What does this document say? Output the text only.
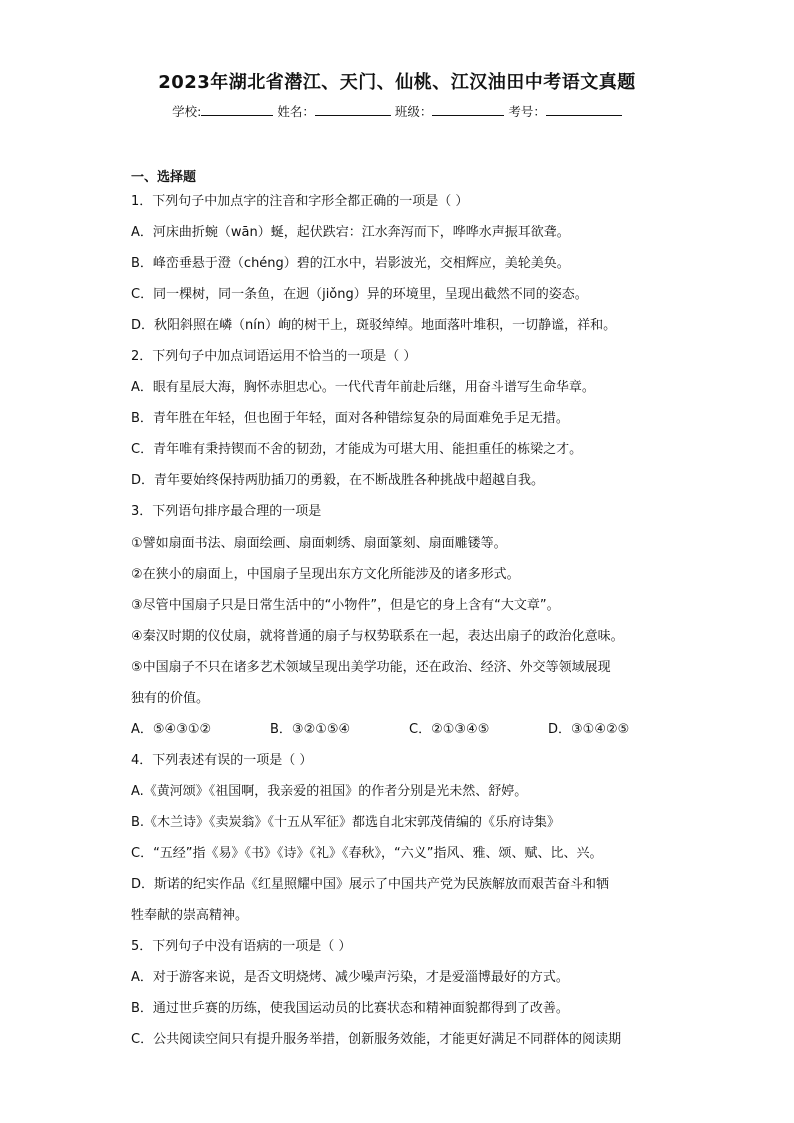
2023年湖北省潜江、天门、仙桃、江汉油田中考语文真题
学校:	姓名：	班级：	考号：
一、选择题
1．下列句子中加点字的注音和字形全都正确的一项是（ ）
A．河床曲折蜿（wān）蜒，起伏跌宕：江水奔泻而下，哗哗水声振耳欲聋。
B．峰峦垂悬于澄（chéng）碧的江水中，岩影波光，交相辉应，美轮美奂。
C．同一棵树，同一条鱼，在迥（jiǒng）异的环境里，呈现出截然不同的姿态。
D．秋阳斜照在嶙（nín）峋的树干上，斑驳绰绰。地面落叶堆积，一切静谧，祥和。
2．下列句子中加点词语运用不恰当的一项是（ ）
A．眼有星辰大海，胸怀赤胆忠心。一代代青年前赴后继，用奋斗谱写生命华章。
B．青年胜在年轻，但也囿于年轻，面对各种错综复杂的局面难免手足无措。
C．青年唯有秉持锲而不舍的韧劲，才能成为可堪大用、能担重任的栋梁之才。
D．青年要始终保持两肋插刀的勇毅，在不断战胜各种挑战中超越自我。
3．下列语句排序最合理的一项是
①譬如扇面书法、扇面绘画、扇面刺绣、扇面篆刻、扇面雕镂等。
②在狭小的扇面上，中国扇子呈现出东方文化所能涉及的诸多形式。
③尽管中国扇子只是日常生活中的“小物件”，但是它的身上含有“大文章”。
④秦汉时期的仪仗扇，就将普通的扇子与权势联系在一起，表达出扇子的政治化意味。
⑤中国扇子不只在诸多艺术领域呈现出美学功能，还在政治、经济、外交等领域展现
独有的价值。
A．⑤④③①②	B．③②①⑤④	C．②①③④⑤	D．③①④②⑤
4．下列表述有误的一项是（ ）
A.《黄河颂》《祖国啊，我亲爱的祖国》的作者分别是光未然、舒婷。
B.《木兰诗》《卖炭翁》《十五从军征》都选自北宋郭茂倩编的《乐府诗集》
C．“五经”指《易》《书》《诗》《礼》《春秋》，“六义”指风、雅、颂、赋、比、兴。
D．斯诺的纪实作品《红星照耀中国》展示了中国共产党为民族解放而艰苦奋斗和牺
牲奉献的崇高精神。
5．下列句子中没有语病的一项是（ ）
A．对于游客来说，是否文明烧烤、减少噪声污染，才是爱淄博最好的方式。
B．通过世乒赛的历练，使我国运动员的比赛状态和精神面貌都得到了改善。
C．公共阅读空间只有提升服务举措，创新服务效能，才能更好满足不同群体的阅读期
